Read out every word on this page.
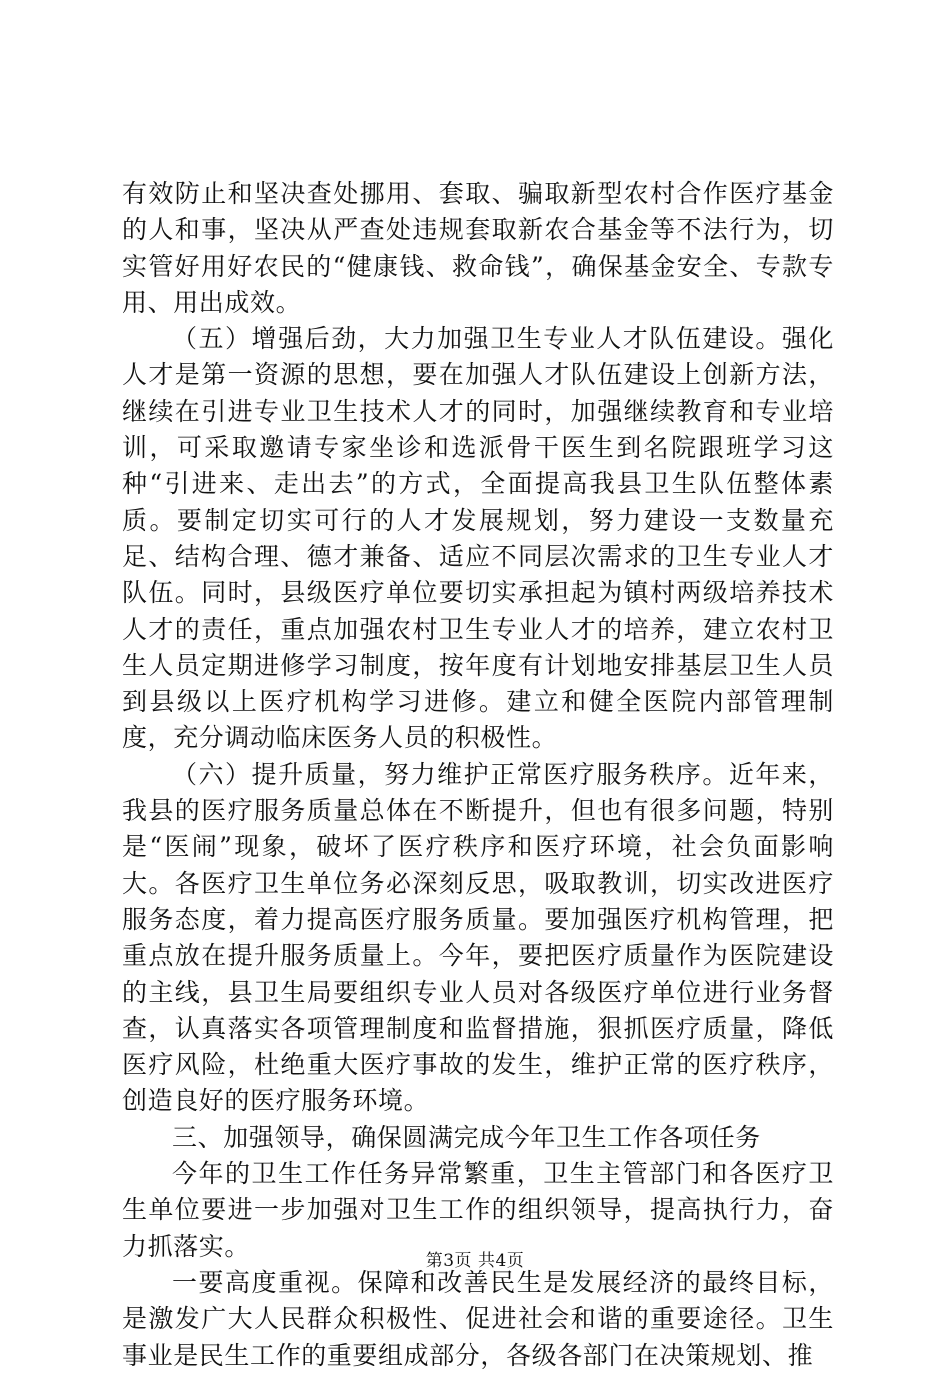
有效防止和坚决查处挪用、套取、骗取新型农村合作医疗基金的人和事，坚决从严查处违规套取新农合基金等不法行为，切实管好用好农民的“健康钱、救命钱”，确保基金安全、专款专用、用出成效。

（五）增强后劲，大力加强卫生专业人才队伍建设。强化人才是第一资源的思想，要在加强人才队伍建设上创新方法，继续在引进专业卫生技术人才的同时，加强继续教育和专业培训，可采取邀请专家坐诊和选派骨干医生到名院跟班学习这种“引进来、走出去”的方式，全面提高我县卫生队伍整体素质。要制定切实可行的人才发展规划，努力建设一支数量充足、结构合理、德才兼备、适应不同层次需求的卫生专业人才队伍。同时，县级医疗单位要切实承担起为镇村两级培养技术人才的责任，重点加强农村卫生专业人才的培养，建立农村卫生人员定期进修学习制度，按年度有计划地安排基层卫生人员到县级以上医疗机构学习进修。建立和健全医院内部管理制度，充分调动临床医务人员的积极性。

（六）提升质量，努力维护正常医疗服务秩序。近年来，我县的医疗服务质量总体在不断提升，但也有很多问题，特别是“医闹”现象，破坏了医疗秩序和医疗环境，社会负面影响大。各医疗卫生单位务必深刻反思，吸取教训，切实改进医疗服务态度，着力提高医疗服务质量。要加强医疗机构管理，把重点放在提升服务质量上。今年，要把医疗质量作为医院建设的主线，县卫生局要组织专业人员对各级医疗单位进行业务督查，认真落实各项管理制度和监督措施，狠抓医疗质量，降低医疗风险，杜绝重大医疗事故的发生，维护正常的医疗秩序，创造良好的医疗服务环境。

三、加强领导，确保圆满完成今年卫生工作各项任务

今年的卫生工作任务异常繁重，卫生主管部门和各医疗卫生单位要进一步加强对卫生工作的组织领导，提高执行力，奋力抓落实。

一要高度重视。保障和改善民生是发展经济的最终目标，是激发广大人民群众积极性、促进社会和谐的重要途径。卫生事业是民生工作的重要组成部分，各级各部门在决策规划、推

第3页 共4页
